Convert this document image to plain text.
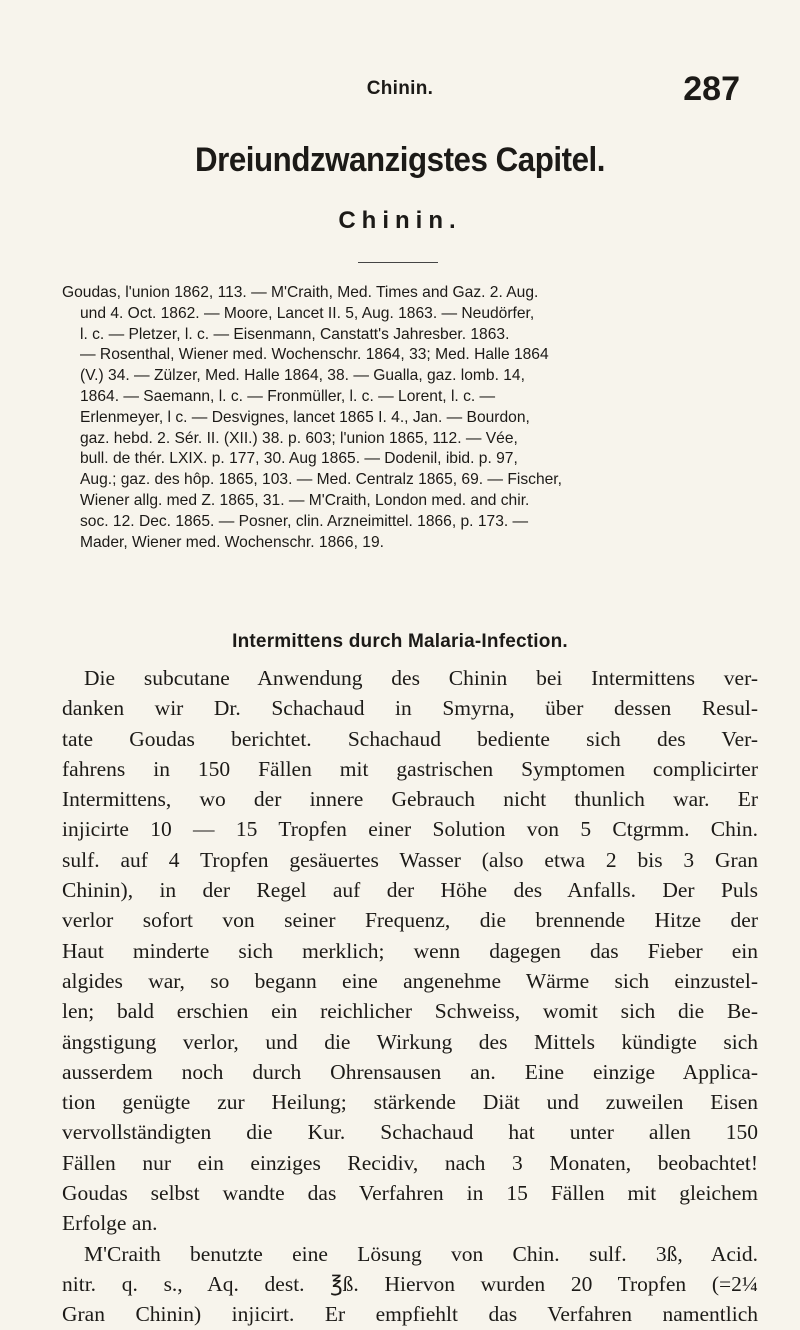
Chinin.	287
Dreiundzwanzigstes Capitel.
Chinin.
Goudas, l'union 1862, 113. — M'Craith, Med. Times and Gaz. 2. Aug.
und 4. Oct. 1862. — Moore, Lancet II. 5, Aug. 1863. — Neudörfer,
l. c. — Pletzer, l. c. — Eisenmann, Canstatt's Jahresber. 1863.
— Rosenthal, Wiener med. Wochenschr. 1864, 33; Med. Halle 1864
(V.) 34. — Zülzer, Med. Halle 1864, 38. — Gualla, gaz. lomb. 14,
1864. — Saemann, l. c. — Fronmüller, l. c. — Lorent, l. c. —
Erlenmeyer, l c. — Desvignes, lancet 1865 I. 4., Jan. — Bourdon,
gaz. hebd. 2. Sér. II. (XII.) 38. p. 603; l'union 1865, 112. — Vée,
bull. de thér. LXIX. p. 177, 30. Aug 1865. — Dodenil, ibid. p. 97,
Aug.; gaz. des hôp. 1865, 103. — Med. Centralz 1865, 69. — Fischer,
Wiener allg. med Z. 1865, 31. — M'Craith, London med. and chir.
soc. 12. Dec. 1865. — Posner, clin. Arzneimittel. 1866, p. 173. —
Mader, Wiener med. Wochenschr. 1866, 19.
Intermittens durch Malaria-Infection.
Die subcutane Anwendung des Chinin bei Intermittens ver-
danken wir Dr. Schachaud in Smyrna, über dessen Resul-
tate Goudas berichtet. Schachaud bediente sich des Ver-
fahrens in 150 Fällen mit gastrischen Symptomen complicirter
Intermittens, wo der innere Gebrauch nicht thunlich war. Er
injicirte 10 — 15 Tropfen einer Solution von 5 Ctgrmm. Chin.
sulf. auf 4 Tropfen gesäuertes Wasser (also etwa 2 bis 3 Gran
Chinin), in der Regel auf der Höhe des Anfalls. Der Puls
verlor sofort von seiner Frequenz, die brennende Hitze der
Haut minderte sich merklich; wenn dagegen das Fieber ein
algides war, so begann eine angenehme Wärme sich einzustel-
len; bald erschien ein reichlicher Schweiss, womit sich die Be-
ängstigung verlor, und die Wirkung des Mittels kündigte sich
ausserdem noch durch Ohrensausen an. Eine einzige Applica-
tion genügte zur Heilung; stärkende Diät und zuweilen Eisen
vervollständigten die Kur. Schachaud hat unter allen 150
Fällen nur ein einziges Recidiv, nach 3 Monaten, beobachtet!
Goudas selbst wandte das Verfahren in 15 Fällen mit gleichem
Erfolge an.
M'Craith benutzte eine Lösung von Chin. sulf. 3ß, Acid.
nitr. q. s., Aq. dest. ℥ß. Hiervon wurden 20 Tropfen (=2¼
Gran Chinin) injicirt. Er empfiehlt das Verfahren namentlich
